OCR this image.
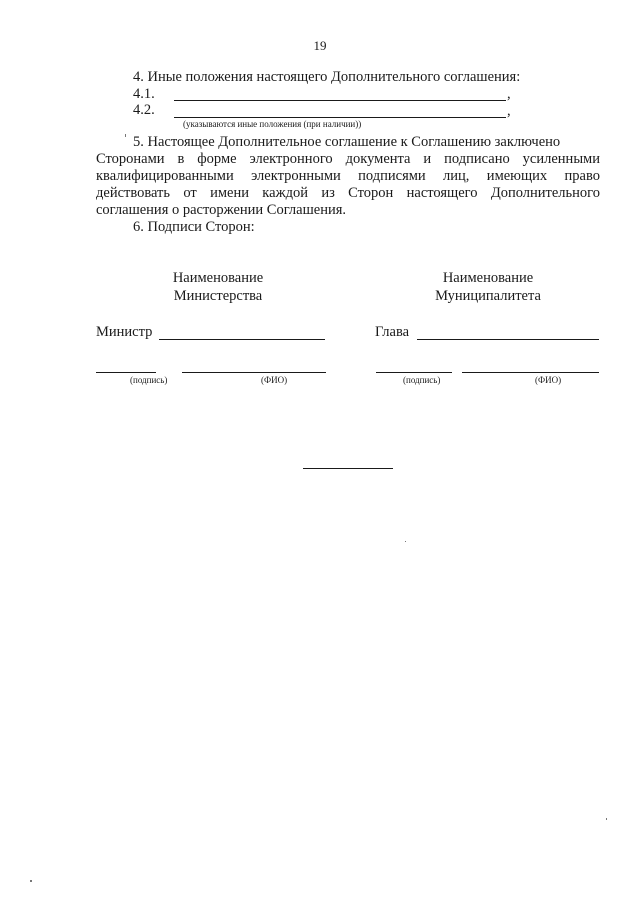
19
4. Иные положения настоящего Дополнительного соглашения:
4.1.	,
4.2.	,
(указываются иные положения (при наличии))
5. Настоящее Дополнительное соглашение к Соглашению заключено
Сторонами в форме электронного документа и подписано усиленными
квалифицированными электронными подписями лиц, имеющих право
действовать от имени каждой из Сторон настоящего Дополнительного
соглашения о расторжении Соглашения.
6. Подписи Сторон:
Наименование
Министерства
Министр
(подпись)	(ФИО)
Наименование
Муниципалитета
Глава
(подпись)	(ФИО)
